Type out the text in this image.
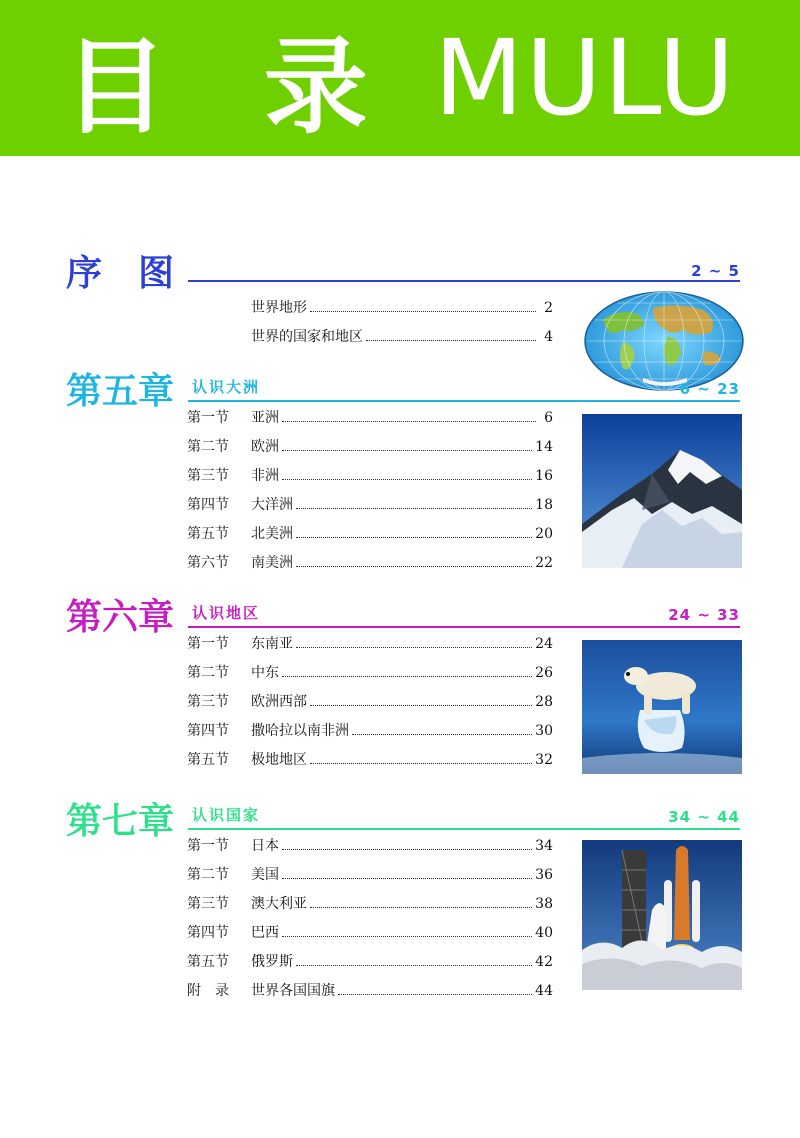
目 录 MULU
序　图	2 ~ 5
世界地形	2
世界的国家和地区	4
第五章 认识大洲	6 ~ 23
第一节	亚洲	6
第二节	欧洲	14
第三节	非洲	16
第四节	大洋洲	18
第五节	北美洲	20
第六节	南美洲	22
第六章 认识地区	24 ~ 33
第一节	东南亚	24
第二节	中东	26
第三节	欧洲西部	28
第四节	撒哈拉以南非洲	30
第五节	极地地区	32
第七章 认识国家	34 ~ 44
第一节	日本	34
第二节	美国	36
第三节	澳大利亚	38
第四节	巴西	40
第五节	俄罗斯	42
附　录	世界各国国旗	44
